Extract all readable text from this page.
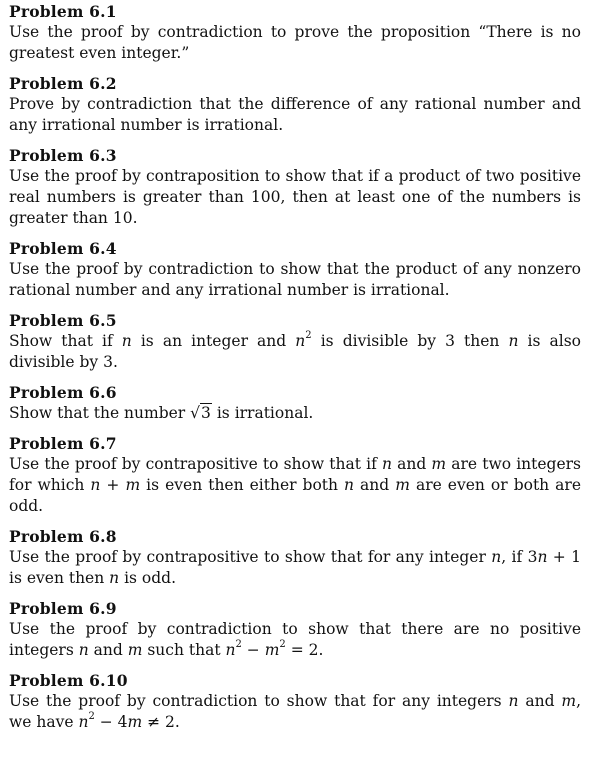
Problem 6.1
Use the proof by contradiction to prove the proposition “There is no greatest even integer.”
Problem 6.2
Prove by contradiction that the difference of any rational number and any irrational number is irrational.
Problem 6.3
Use the proof by contraposition to show that if a product of two positive real numbers is greater than 100, then at least one of the numbers is greater than 10.
Problem 6.4
Use the proof by contradiction to show that the product of any nonzero rational number and any irrational number is irrational.
Problem 6.5
Show that if n is an integer and $n^2$ is divisible by 3 then n is also divisible by 3.
Problem 6.6
Show that the number √3 is irrational.
Problem 6.7
Use the proof by contrapositive to show that if n and m are two integers for which n + m is even then either both n and m are even or both are odd.
Problem 6.8
Use the proof by contrapositive to show that for any integer n, if 3n + 1 is even then n is odd.
Problem 6.9
Use the proof by contradiction to show that there are no positive integers n and m such that $n^2 - m^2 = 2$.
Problem 6.10
Use the proof by contradiction to show that for any integers n and m, we have $n^2 - 4m \ne 2$.
